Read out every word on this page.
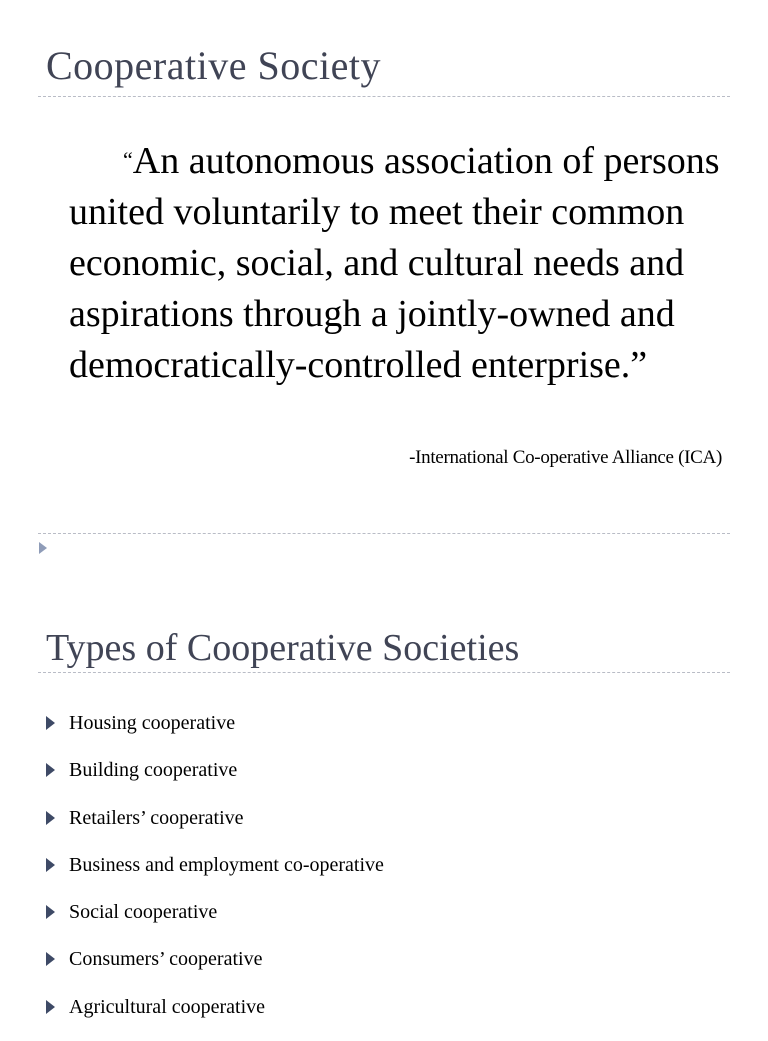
Cooperative Society

“An autonomous association of persons united voluntarily to meet their common economic, social, and cultural needs and aspirations through a jointly-owned and democratically-controlled enterprise.”

-International Co-operative Alliance (ICA)

Types of Cooperative Societies
Housing cooperative
Building cooperative
Retailers’ cooperative
Business and employment co-operative
Social cooperative
Consumers’ cooperative
Agricultural cooperative
